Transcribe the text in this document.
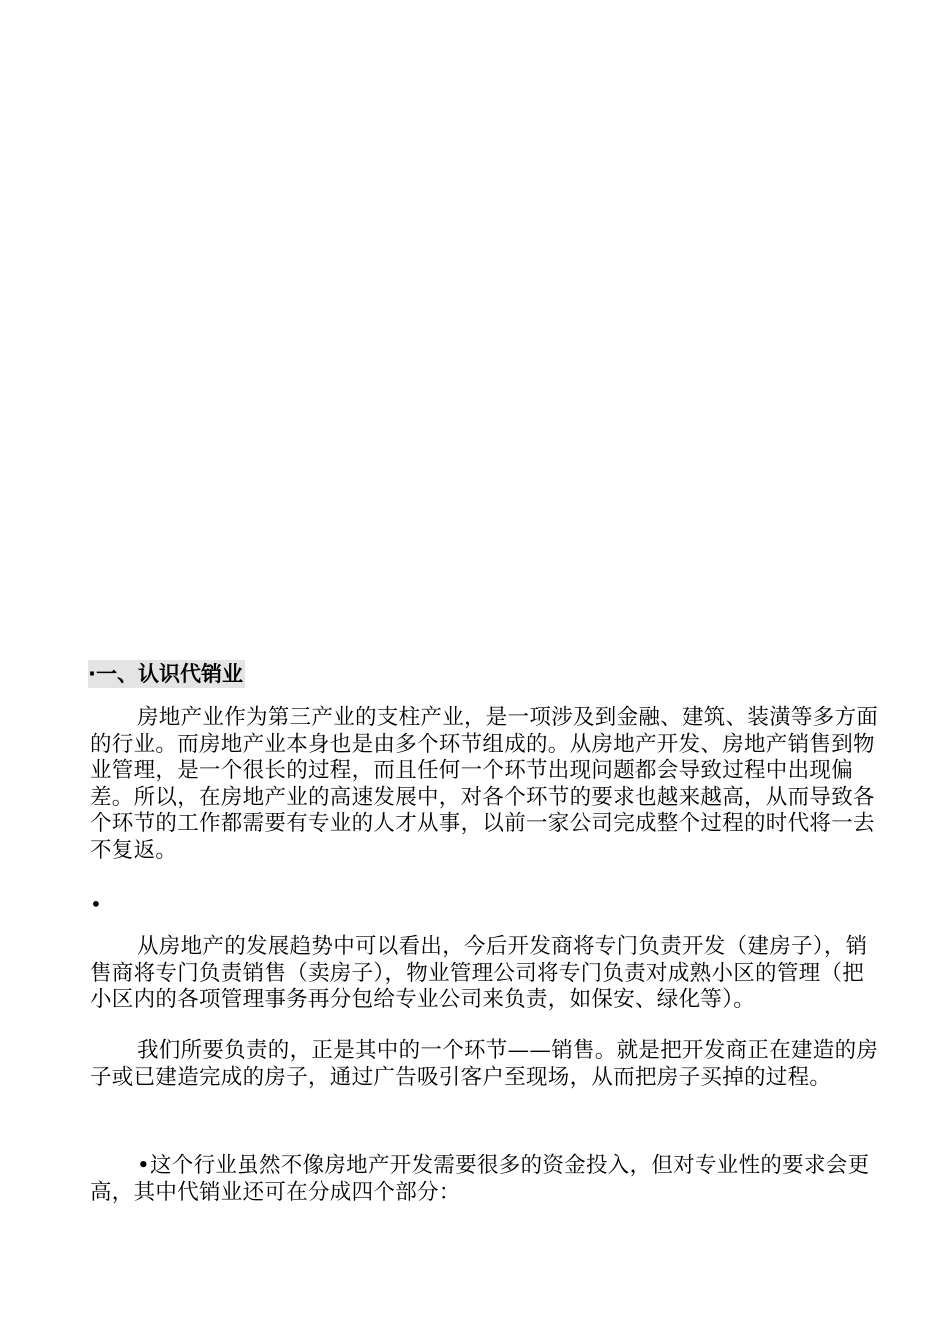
·一、认识代销业

房地产业作为第三产业的支柱产业，是一项涉及到金融、建筑、装潢等多方面的行业。而房地产业本身也是由多个环节组成的。从房地产开发、房地产销售到物业管理，是一个很长的过程，而且任何一个环节出现问题都会导致过程中出现偏差。所以，在房地产业的高速发展中，对各个环节的要求也越来越高，从而导致各个环节的工作都需要有专业的人才从事，以前一家公司完成整个过程的时代将一去不复返。

•

从房地产的发展趋势中可以看出，今后开发商将专门负责开发（建房子），销售商将专门负责销售（卖房子），物业管理公司将专门负责对成熟小区的管理（把小区内的各项管理事务再分包给专业公司来负责，如保安、绿化等）。

我们所要负责的，正是其中的一个环节——销售。就是把开发商正在建造的房子或已建造完成的房子，通过广告吸引客户至现场，从而把房子买掉的过程。

•这个行业虽然不像房地产开发需要很多的资金投入，但对专业性的要求会更高，其中代销业还可在分成四个部分：
